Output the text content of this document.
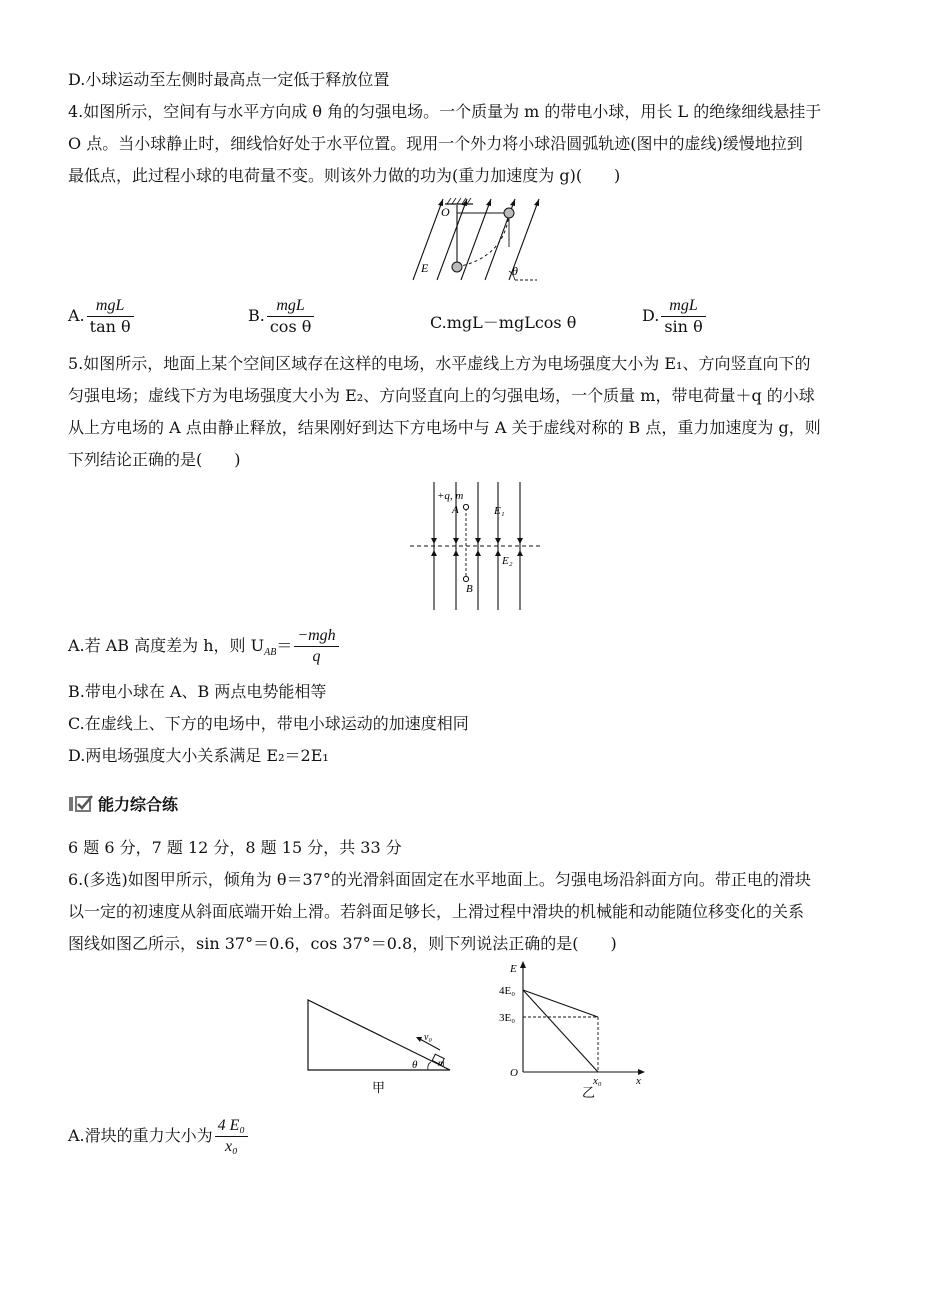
D.小球运动至左侧时最高点一定低于释放位置
4.如图所示，空间有与水平方向成 θ 角的匀强电场。一个质量为 m 的带电小球，用长 L 的绝缘细线悬挂于
O 点。当小球静止时，细线恰好处于水平位置。现用一个外力将小球沿圆弧轨迹(图中的虚线)缓慢地拉到
最低点，此过程小球的电荷量不变。则该外力做的功为(重力加速度为 g)(　　)
O
E	θ
A. $\frac{\text{mgL}}{\text{tan θ}}$	B. $\frac{\text{mgL}}{\text{cos θ}}$	C.mgL－mgLcos θ	D. $\frac{\text{mgL}}{\text{sin θ}}$
5.如图所示，地面上某个空间区域存在这样的电场，水平虚线上方为电场强度大小为 E₁、方向竖直向下的
匀强电场；虚线下方为电场强度大小为 E₂、方向竖直向上的匀强电场，一个质量 m，带电荷量＋q 的小球
从上方电场的 A 点由静止释放，结果刚好到达下方电场中与 A 关于虚线对称的 B 点，重力加速度为 g，则
下列结论正确的是(　　)
+q, m
A
B
E₁
E₂
A.若 AB 高度差为 h，则 $U_{AB}= \frac{\text{−mgh}}{q}$
B.带电小球在 A、B 两点电势能相等
C.在虚线上、下方的电场中，带电小球运动的加速度相同
D.两电场强度大小关系满足 E₂＝2E₁
能力综合练
6 题 6 分，7 题 12 分，8 题 15 分，共 33 分
6.(多选)如图甲所示，倾角为 θ＝37°的光滑斜面固定在水平地面上。匀强电场沿斜面方向。带正电的滑块
以一定的初速度从斜面底端开始上滑。若斜面足够长，上滑过程中滑块的机械能和动能随位移变化的关系
图线如图乙所示，sin 37°＝0.6，cos 37°＝0.8，则下列说法正确的是(　　)
v₀
θ m
甲
E
4E₀
3E₀
O
x₀	x
乙
A.滑块的重力大小为 $\frac{\text{4 E₀}}{\text{x₀}}$
